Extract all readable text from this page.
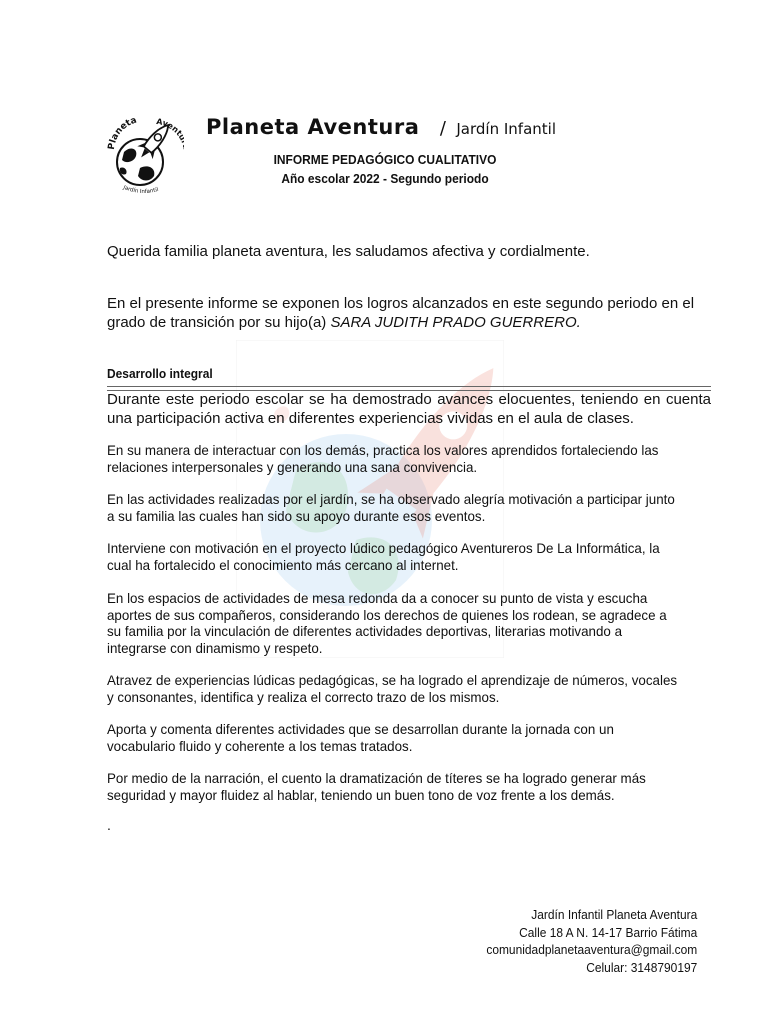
Planeta Avent
Jardín Infantil
Planeta Aventura / Jardín Infantil
INFORME PEDAGÓGICO CUALITATIVO
Año escolar 2022 - Segundo periodo
Querida familia planeta aventura, les saludamos afectiva y cordialmente.
En el presente informe se exponen los logros alcanzados en este segundo periodo en el grado de transición por su hijo(a) SARA JUDITH PRADO GUERRERO.
Desarrollo integral
Durante este periodo escolar se ha demostrado avances elocuentes, teniendo en cuenta una participación activa en diferentes experiencias vividas en el aula de clases.
En su manera de interactuar con los demás, practica los valores aprendidos fortaleciendo las relaciones interpersonales y generando una sana convivencia.
En las actividades realizadas por el jardín, se ha observado alegría motivación a participar junto a su familia las cuales han sido su apoyo durante esos eventos.
Interviene con motivación en el proyecto lúdico pedagógico Aventureros De La Informática, la cual ha fortalecido el conocimiento más cercano al internet.
En los espacios de actividades de mesa redonda da a conocer su punto de vista y escucha aportes de sus compañeros, considerando los derechos de quienes los rodean, se agradece a su familia por la vinculación de diferentes actividades deportivas, literarias motivando a integrarse con dinamismo y respeto.
Atravez de experiencias lúdicas pedagógicas, se ha logrado el aprendizaje de números, vocales y consonantes, identifica y realiza el correcto trazo de los mismos.
Aporta y comenta diferentes actividades que se desarrollan durante la jornada con un vocabulario fluido y coherente a los temas tratados.
Por medio de la narración, el cuento la dramatización de títeres se ha logrado generar más seguridad y mayor fluidez al hablar, teniendo un buen tono de voz frente a los demás.
.
Jardín Infantil Planeta Aventura
Calle 18 A N. 14-17 Barrio Fátima
comunidadplanetaaventura@gmail.com
Celular: 3148790197
